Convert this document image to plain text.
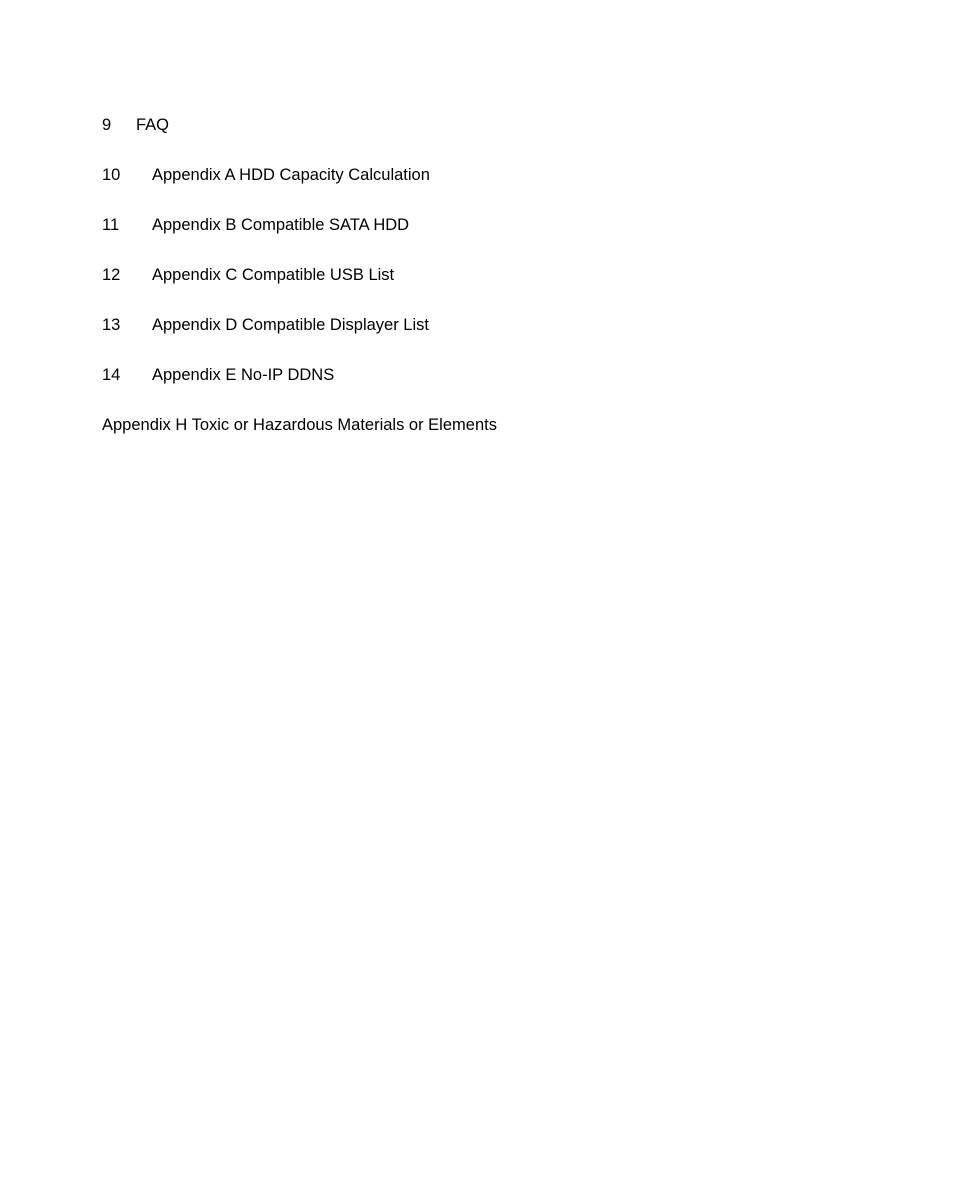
9 FAQ
10 Appendix A HDD Capacity Calculation
11 Appendix B Compatible SATA HDD
12 Appendix C Compatible USB List
13 Appendix D Compatible Displayer List
14 Appendix E No-IP DDNS
Appendix H Toxic or Hazardous Materials or Elements
